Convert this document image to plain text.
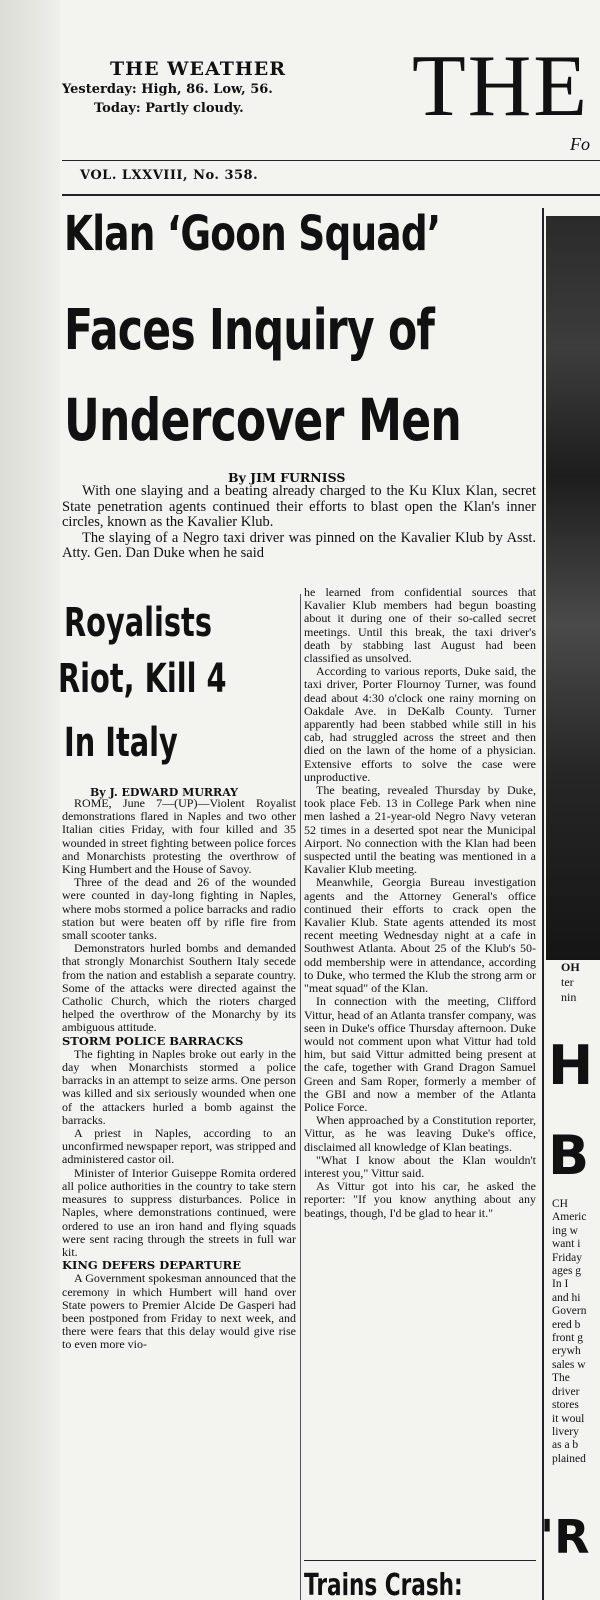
THE WEATHER
Yesterday: High, 86. Low, 56.
Today: Partly cloudy.	THE
Fo
VOL. LXXVIII, No. 358.
Klan ‘Goon Squad’
Faces Inquiry of
Undercover Men
By JIM FURNISS

With one slaying and a beating already charged to the Ku Klux Klan, secret State penetration agents continued their efforts to blast open the Klan's inner circles, known as the Kavalier Klub.

The slaying of a Negro taxi driver was pinned on the Kavalier Klub by Asst. Atty. Gen. Dan Duke when he said

Royalists
Riot, Kill 4
In Italy
By J. EDWARD MURRAY

ROME, June 7—(UP)—Violent Royalist demonstrations flared in Naples and two other Italian cities Friday, with four killed and 35 wounded in street fighting between police forces and Monarchists protesting the overthrow of King Humbert and the House of Savoy.

Three of the dead and 26 of the wounded were counted in day-long fighting in Naples, where mobs stormed a police barracks and radio station but were beaten off by rifle fire from small scooter tanks.

Demonstrators hurled bombs and demanded that strongly Monarchist Southern Italy secede from the nation and establish a separate country. Some of the attacks were directed against the Catholic Church, which the rioters charged helped the overthrow of the Monarchy by its ambiguous attitude.

STORM POLICE BARRACKS

The fighting in Naples broke out early in the day when Monarchists stormed a police barracks in an attempt to seize arms. One person was killed and six seriously wounded when one of the attackers hurled a bomb against the barracks.

A priest in Naples, according to an unconfirmed newspaper report, was stripped and administered castor oil.

Minister of Interior Guiseppe Romita ordered all police authorities in the country to take stern measures to suppress disturbances. Police in Naples, where demonstrations continued, were ordered to use an iron hand and flying squads were sent racing through the streets in full war kit.

KING DEFERS DEPARTURE

A Government spokesman announced that the ceremony in which Humbert will hand over State powers to Premier Alcide De Gasperi had been postponed from Friday to next week, and there were fears that this delay would give rise to even more vio-

he learned from confidential sources that Kavalier Klub members had begun boasting about it during one of their so-called secret meetings. Until this break, the taxi driver's death by stabbing last August had been classified as unsolved.

According to various reports, Duke said, the taxi driver, Porter Flournoy Turner, was found dead about 4:30 o'clock one rainy morning on Oakdale Ave. in DeKalb County. Turner apparently had been stabbed while still in his cab, had struggled across the street and then died on the lawn of the home of a physician. Extensive efforts to solve the case were unproductive.

The beating, revealed Thursday by Duke, took place Feb. 13 in College Park when nine men lashed a 21-year-old Negro Navy veteran 52 times in a deserted spot near the Municipal Airport. No connection with the Klan had been suspected until the beating was mentioned in a Kavalier Klub meeting.

Meanwhile, Georgia Bureau investigation agents and the Attorney General's office continued their efforts to crack open the Kavalier Klub. State agents attended its most recent meeting Wednesday night at a cafe in Southwest Atlanta. About 25 of the Klub's 50-odd membership were in attendance, according to Duke, who termed the Klub the strong arm or "meat squad" of the Klan.

In connection with the meeting, Clifford Vittur, head of an Atlanta transfer company, was seen in Duke's office Thursday afternoon. Duke would not comment upon what Vittur had told him, but said Vittur admitted being present at the cafe, together with Grand Dragon Samuel Green and Sam Roper, formerly a member of the GBI and now a member of the Atlanta Police Force.

When approached by a Constitution reporter, Vittur, as he was leaving Duke's office, disclaimed all knowledge of Klan beatings.

"What I know about the Klan wouldn't interest you," Vittur said.

As Vittur got into his car, he asked the reporter: "If you know anything about any beatings, though, I'd be glad to hear it."

Trains Crash:
OH
ter
nin
H
B
CH
Americ
ing w
want i
Friday
ages g
In I
and hi
Govern
ered b
front g
erywh
sales w
The
driver
stores
it woul
livery
as a b
plained
'R
